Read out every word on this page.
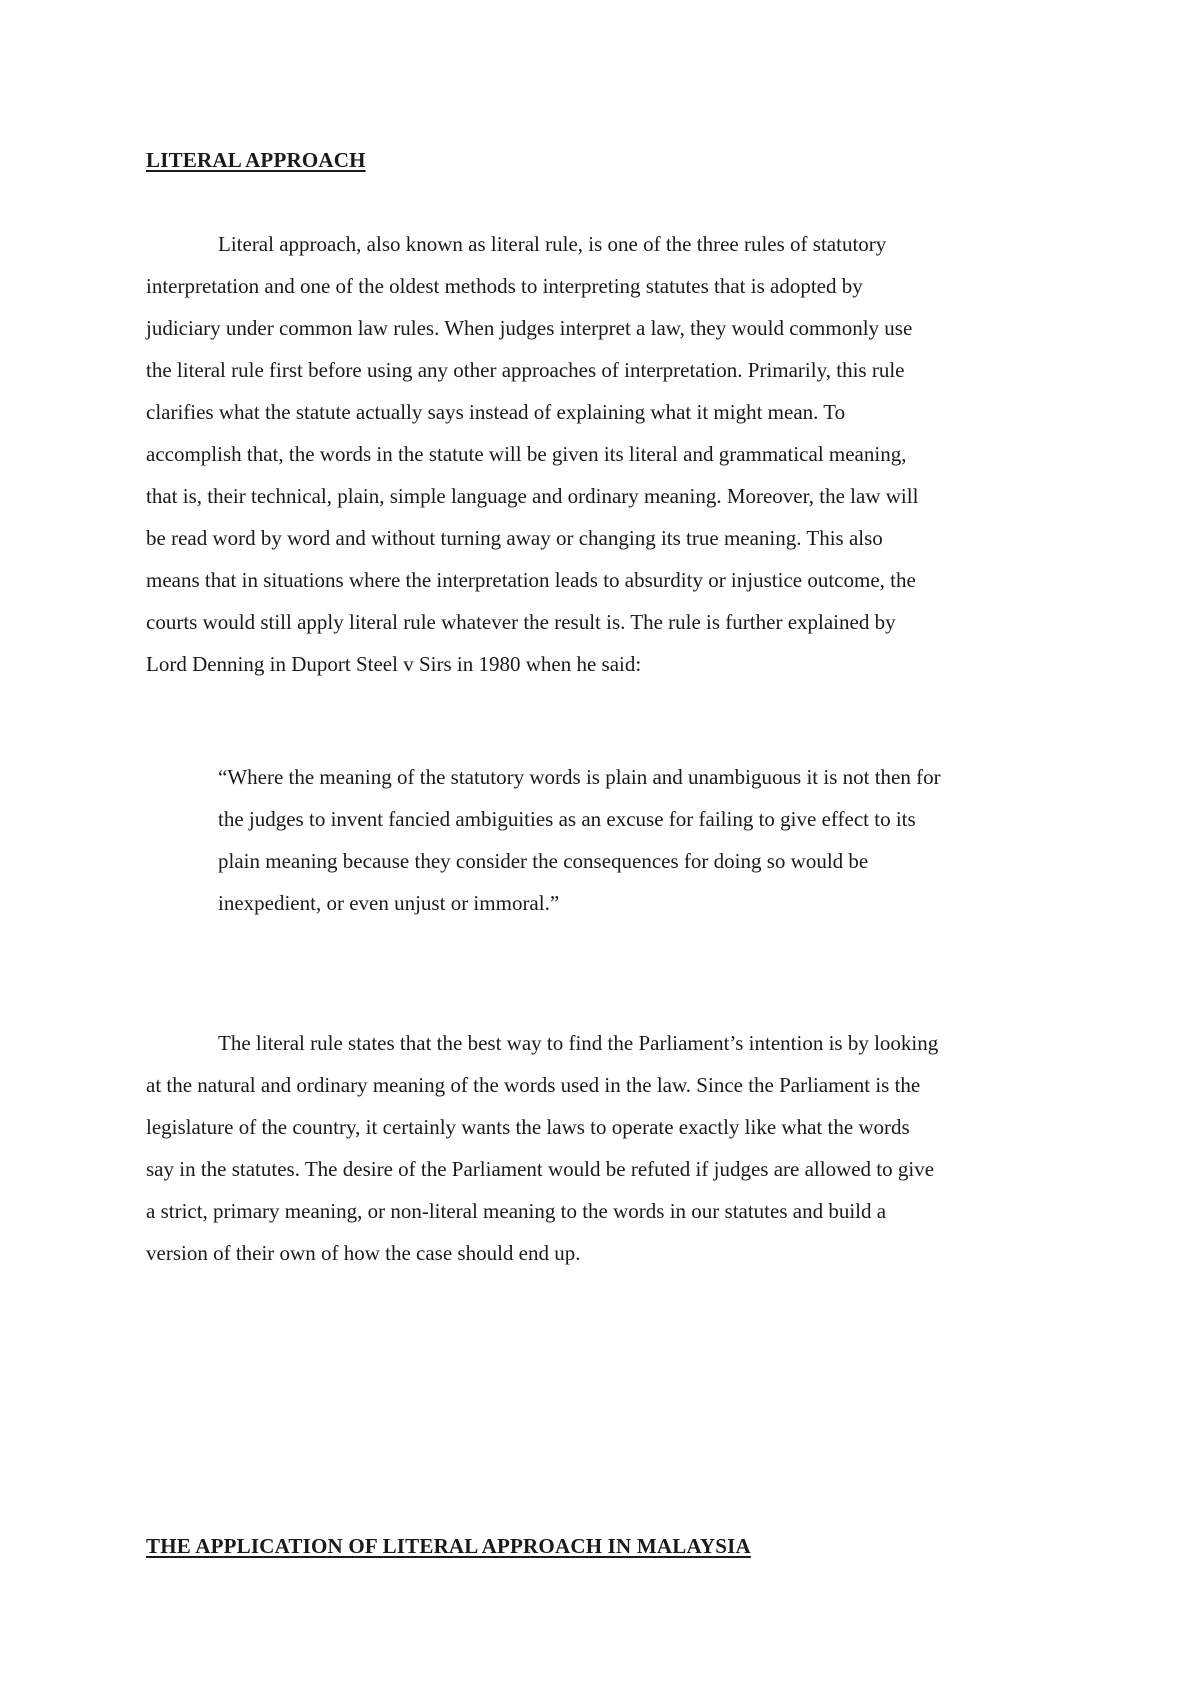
LITERAL APPROACH
Literal approach, also known as literal rule, is one of the three rules of statutory
interpretation and one of the oldest methods to interpreting statutes that is adopted by
judiciary under common law rules. When judges interpret a law, they would commonly use
the literal rule first before using any other approaches of interpretation. Primarily, this rule
clarifies what the statute actually says instead of explaining what it might mean. To
accomplish that, the words in the statute will be given its literal and grammatical meaning,
that is, their technical, plain, simple language and ordinary meaning. Moreover, the law will
be read word by word and without turning away or changing its true meaning. This also
means that in situations where the interpretation leads to absurdity or injustice outcome, the
courts would still apply literal rule whatever the result is. The rule is further explained by
Lord Denning in Duport Steel v Sirs in 1980 when he said:
“Where the meaning of the statutory words is plain and unambiguous it is not then for
the judges to invent fancied ambiguities as an excuse for failing to give effect to its
plain meaning because they consider the consequences for doing so would be
inexpedient, or even unjust or immoral.”
The literal rule states that the best way to find the Parliament’s intention is by looking
at the natural and ordinary meaning of the words used in the law. Since the Parliament is the
legislature of the country, it certainly wants the laws to operate exactly like what the words
say in the statutes. The desire of the Parliament would be refuted if judges are allowed to give
a strict, primary meaning, or non-literal meaning to the words in our statutes and build a
version of their own of how the case should end up.
THE APPLICATION OF LITERAL APPROACH IN MALAYSIA
